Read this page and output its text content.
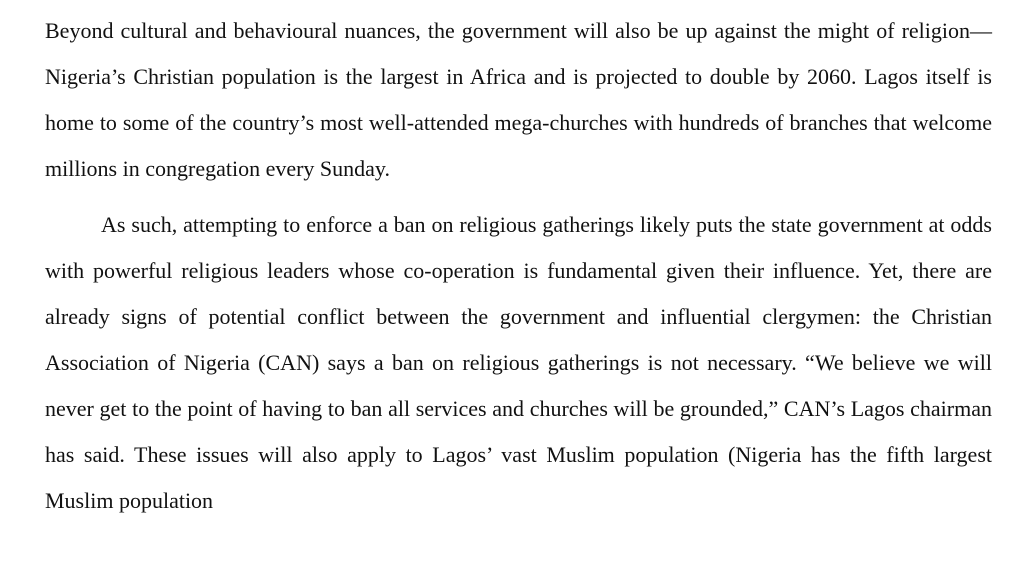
Beyond cultural and behavioural nuances, the government will also be up against the might of religion—Nigeria’s Christian population is the largest in Africa and is projected to double by 2060. Lagos itself is home to some of the country’s most well-attended mega-churches with hundreds of branches that welcome millions in congregation every Sunday.

As such, attempting to enforce a ban on religious gatherings likely puts the state government at odds with powerful religious leaders whose co-operation is fundamental given their influence. Yet, there are already signs of potential conflict between the government and influential clergymen: the Christian Association of Nigeria (CAN) says a ban on religious gatherings is not necessary. “We believe we will never get to the point of having to ban all services and churches will be grounded,” CAN’s Lagos chairman has said. These issues will also apply to Lagos’ vast Muslim population (Nigeria has the fifth largest Muslim population
